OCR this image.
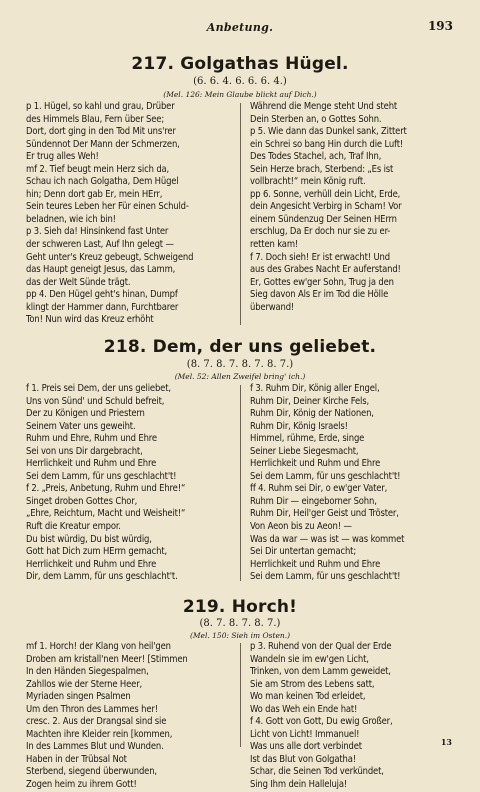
Anbetung.	193
217. Golgathas Hügel.
(6. 6. 4. 6. 6. 6. 4.)
(Mel. 126: Mein Glaube blickt auf Dich.)
p 1. Hügel, so kahl und grau, Drüber
des Himmels Blau, Fern über See;
Dort, dort ging in den Tod Mit uns'rer
Sündennot Der Mann der Schmerzen,
Er trug alles Weh!
mf 2. Tief beugt mein Herz sich da,
Schau ich nach Golgatha, Dem Hügel
hin; Denn dort gab Er, mein HErr,
Sein teures Leben her Für einen Schuld-
beladnen, wie ich bin!
p 3. Sieh da! Hinsinkend fast Unter
der schweren Last, Auf Ihn gelegt —
Geht unter's Kreuz gebeugt, Schweigend
das Haupt geneigt Jesus, das Lamm,
das der Welt Sünde trägt.
pp 4. Den Hügel geht's hinan, Dumpf
klingt der Hammer dann, Furchtbarer
Ton! Nun wird das Kreuz erhöht
Während die Menge steht Und steht
Dein Sterben an, o Gottes Sohn.
p 5. Wie dann das Dunkel sank, Zittert
ein Schrei so bang Hin durch die Luft!
Des Todes Stachel, ach, Traf Ihn,
Sein Herze brach, Sterbend: „Es ist
vollbracht!“ mein König ruft.
pp 6. Sonne, verhüll dein Licht, Erde,
dein Angesicht Verbirg in Scham! Vor
einem Sündenzug Der Seinen HErrn
erschlug, Da Er doch nur sie zu er-
retten kam!
f 7. Doch sieh! Er ist erwacht! Und
aus des Grabes Nacht Er auferstand!
Er, Gottes ew'ger Sohn, Trug ja den
Sieg davon Als Er im Tod die Hölle
überwand!
218. Dem, der uns geliebet.
(8. 7. 8. 7. 8. 7. 8. 7.)
(Mel. 52: Allen Zweifel bring' ich.)
f 1. Preis sei Dem, der uns geliebet,
Uns von Sünd' und Schuld befreit,
Der zu Königen und Priestern
Seinem Vater uns geweiht.
Ruhm und Ehre, Ruhm und Ehre
Sei von uns Dir dargebracht,
Herrlichkeit und Ruhm und Ehre
Sei dem Lamm, für uns geschlacht't!
f 2. „Preis, Anbetung, Ruhm und Ehre!“
Singet droben Gottes Chor,
„Ehre, Reichtum, Macht und Weisheit!“
Ruft die Kreatur empor.
Du bist würdig, Du bist würdig,
Gott hat Dich zum HErrn gemacht,
Herrlichkeit und Ruhm und Ehre
Dir, dem Lamm, für uns geschlacht't.
f 3. Ruhm Dir, König aller Engel,
Ruhm Dir, Deiner Kirche Fels,
Ruhm Dir, König der Nationen,
Ruhm Dir, König Israels!
Himmel, rühme, Erde, singe
Seiner Liebe Siegesmacht,
Herrlichkeit und Ruhm und Ehre
Sei dem Lamm, für uns geschlacht't!
ff 4. Ruhm sei Dir, o ew'ger Vater,
Ruhm Dir — eingeborner Sohn,
Ruhm Dir, Heil'ger Geist und Tröster,
Von Aeon bis zu Aeon! —
Was da war — was ist — was kommet
Sei Dir untertan gemacht;
Herrlichkeit und Ruhm und Ehre
Sei dem Lamm, für uns geschlacht't!
219. Horch!
(8. 7. 8. 7. 8. 7.)
(Mel. 150: Sieh im Osten.)
mf 1. Horch! der Klang von heil'gen
Droben am kristall'nen Meer! [Stimmen
In den Händen Siegespalmen,
Zahllos wie der Sterne Heer,
Myriaden singen Psalmen
Um den Thron des Lammes her!
cresc. 2. Aus der Drangsal sind sie
Machten ihre Kleider rein [kommen,
In des Lammes Blut und Wunden.
Haben in der Trübsal Not
Sterbend, siegend überwunden,
Zogen heim zu ihrem Gott!
p 3. Ruhend von der Qual der Erde
Wandeln sie im ew'gen Licht,
Trinken, von dem Lamm geweidet,
Sie am Strom des Lebens satt,
Wo man keinen Tod erleidet,
Wo das Weh ein Ende hat!
f 4. Gott von Gott, Du ewig Großer,
Licht von Licht! Immanuel!
Was uns alle dort verbindet
Ist das Blut von Golgatha!
Schar, die Seinen Tod verkündet,
Sing Ihm dein Halleluja!
13
